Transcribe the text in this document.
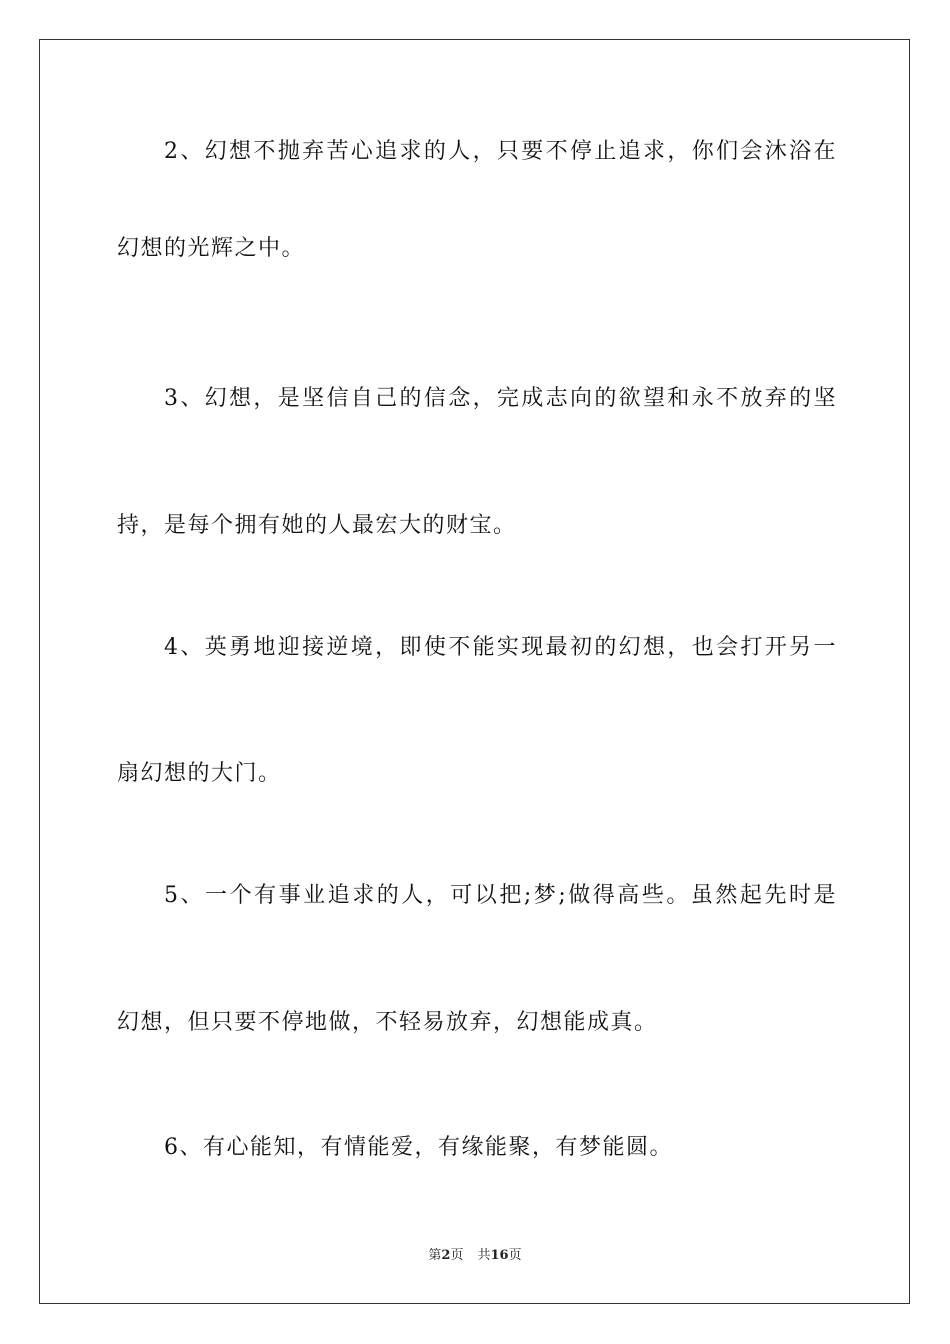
2、幻想不抛弃苦心追求的人，只要不停止追求，你们会沐浴在
幻想的光辉之中。
3、幻想，是坚信自己的信念，完成志向的欲望和永不放弃的坚
持，是每个拥有她的人最宏大的财宝。
4、英勇地迎接逆境，即使不能实现最初的幻想，也会打开另一
扇幻想的大门。
5、一个有事业追求的人，可以把;梦;做得高些。虽然起先时是
幻想，但只要不停地做，不轻易放弃，幻想能成真。
6、有心能知，有情能爱，有缘能聚，有梦能圆。
第2页 共16页
